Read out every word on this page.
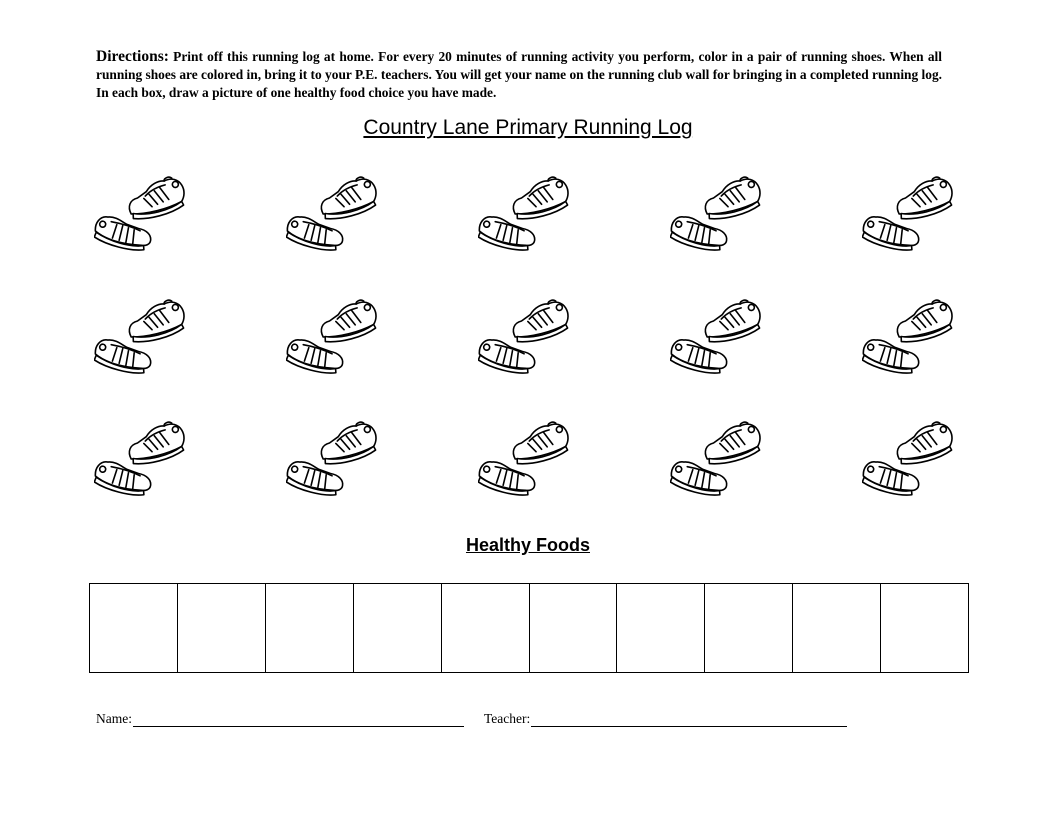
Directions: Print off this running log at home. For every 20 minutes of running activity you perform, color in a pair of running shoes. When all running shoes are colored in, bring it to your P.E. teachers. You will get your name on the running club wall for bringing in a completed running log. In each box, draw a picture of one healthy food choice you have made.
Country Lane Primary Running Log
Healthy Foods
Name:	Teacher:
